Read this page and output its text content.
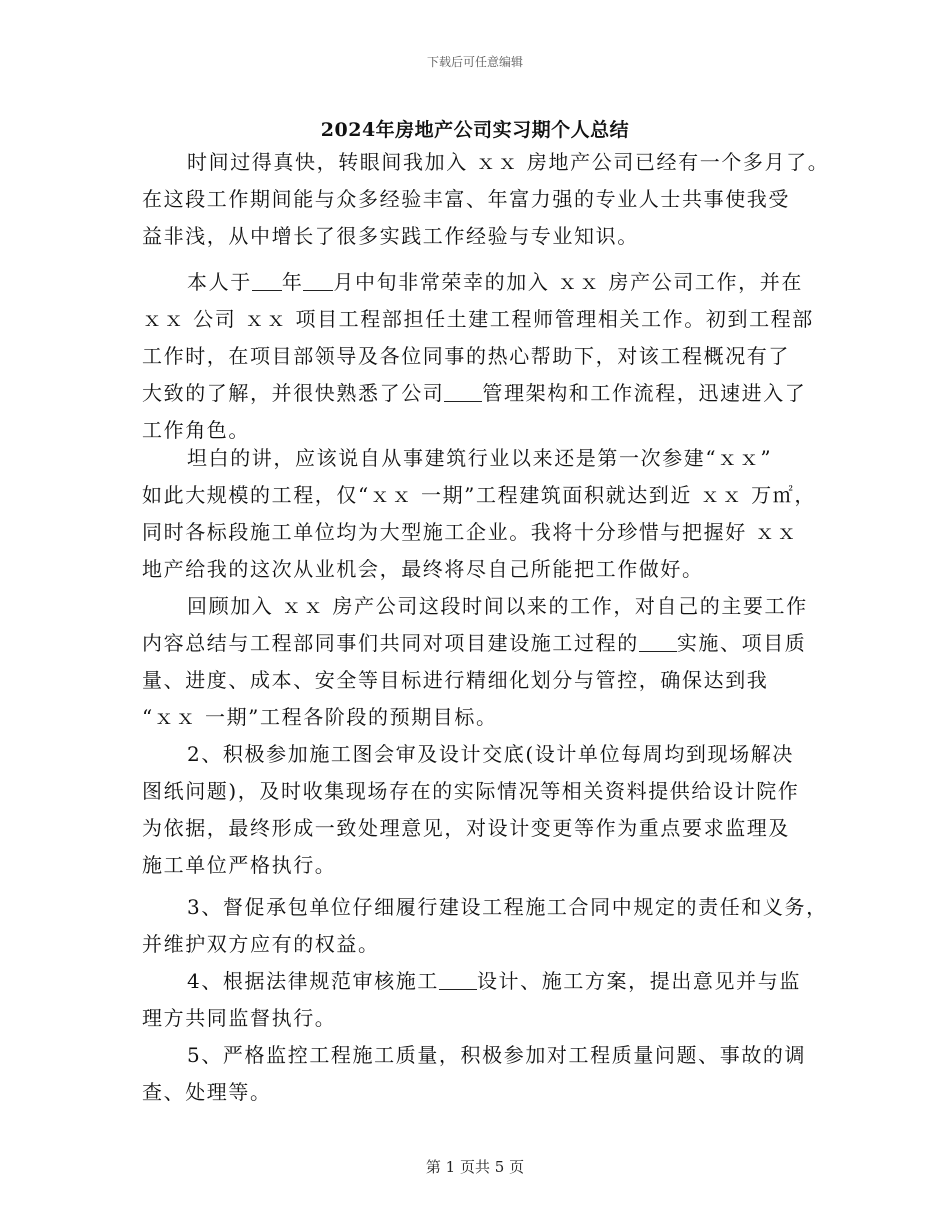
下载后可任意编辑
2024年房地产公司实习期个人总结
时间过得真快，转眼间我加入 ｘｘ 房地产公司已经有一个多月了。
在这段工作期间能与众多经验丰富、年富力强的专业人士共事使我受
益非浅，从中增长了很多实践工作经验与专业知识。
本人于 年 月中旬非常荣幸的加入 ｘｘ 房产公司工作，并在
ｘｘ 公司 ｘｘ 项目工程部担任土建工程师管理相关工作。初到工程部
工作时，在项目部领导及各位同事的热心帮助下，对该工程概况有了
大致的了解，并很快熟悉了公司 管理架构和工作流程，迅速进入了
工作角色。
坦白的讲，应该说自从事建筑行业以来还是第一次参建“ｘｘ”
如此大规模的工程，仅“ｘｘ 一期”工程建筑面积就达到近 ｘｘ 万㎡，
同时各标段施工单位均为大型施工企业。我将十分珍惜与把握好 ｘｘ
地产给我的这次从业机会，最终将尽自己所能把工作做好。
回顾加入 ｘｘ 房产公司这段时间以来的工作，对自己的主要工作
内容总结与工程部同事们共同对项目建设施工过程的 实施、项目质
量、进度、成本、安全等目标进行精细化划分与管控，确保达到我
“ｘｘ 一期”工程各阶段的预期目标。
2、积极参加施工图会审及设计交底(设计单位每周均到现场解决
图纸问题)，及时收集现场存在的实际情况等相关资料提供给设计院作
为依据，最终形成一致处理意见，对设计变更等作为重点要求监理及
施工单位严格执行。
3、督促承包单位仔细履行建设工程施工合同中规定的责任和义务，
并维护双方应有的权益。
4、根据法律规范审核施工 设计、施工方案，提出意见并与监
理方共同监督执行。
5、严格监控工程施工质量，积极参加对工程质量问题、事故的调
查、处理等。
第 1 页共 5 页
